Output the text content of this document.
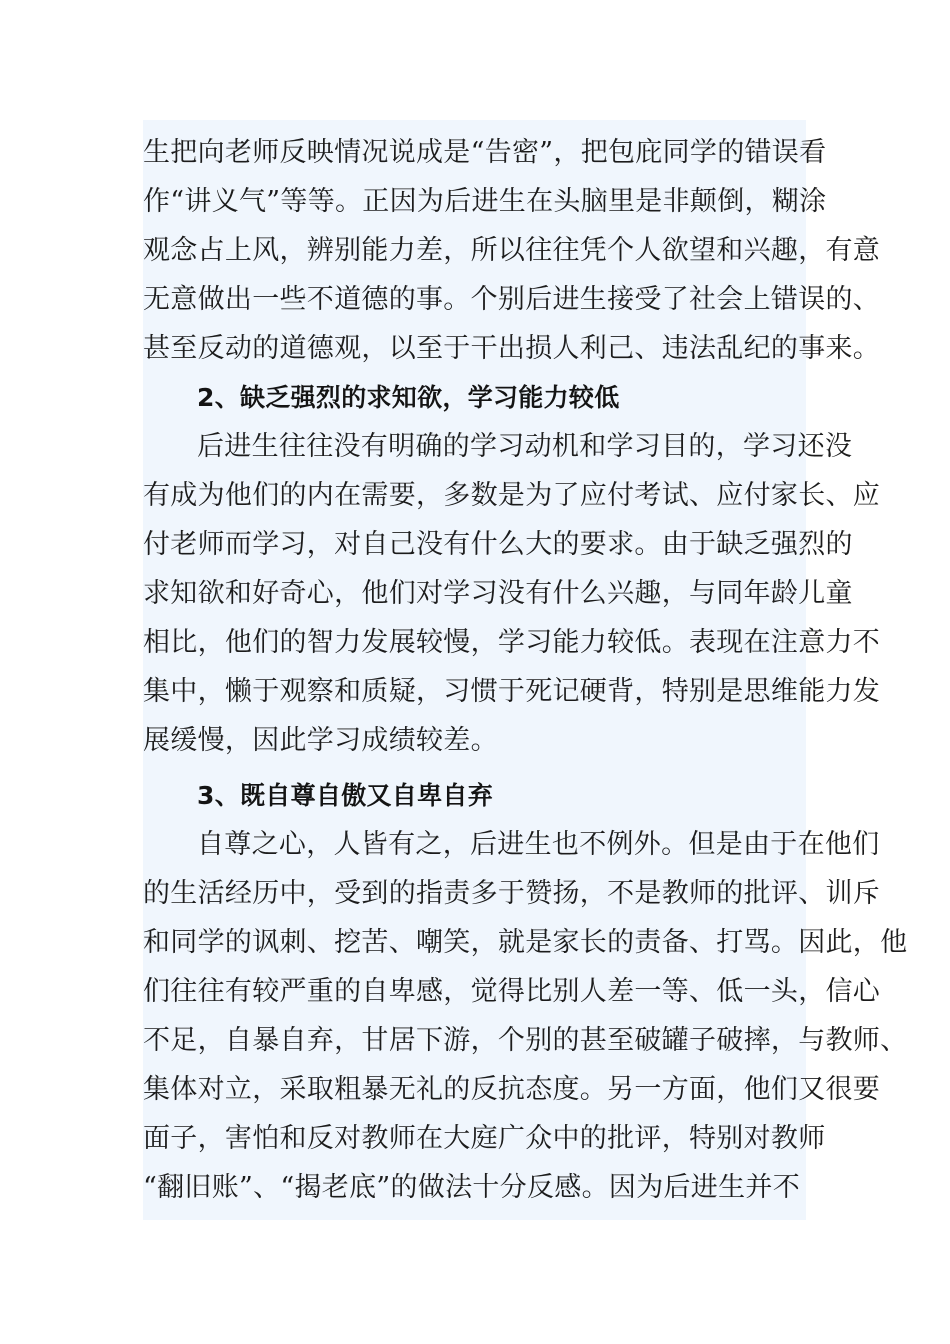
生把向老师反映情况说成是“告密”，把包庇同学的错误看
作“讲义气”等等。正因为后进生在头脑里是非颠倒，糊涂
观念占上风，辨别能力差，所以往往凭个人欲望和兴趣，有意
无意做出一些不道德的事。个别后进生接受了社会上错误的、
甚至反动的道德观，以至于干出损人利己、违法乱纪的事来。
2、缺乏强烈的求知欲，学习能力较低
后进生往往没有明确的学习动机和学习目的，学习还没
有成为他们的内在需要，多数是为了应付考试、应付家长、应
付老师而学习，对自己没有什么大的要求。由于缺乏强烈的
求知欲和好奇心，他们对学习没有什么兴趣，与同年龄儿童
相比，他们的智力发展较慢，学习能力较低。表现在注意力不
集中，懒于观察和质疑，习惯于死记硬背，特别是思维能力发
展缓慢，因此学习成绩较差。
3、既自尊自傲又自卑自弃
自尊之心，人皆有之，后进生也不例外。但是由于在他们
的生活经历中，受到的指责多于赞扬，不是教师的批评、训斥
和同学的讽刺、挖苦、嘲笑，就是家长的责备、打骂。因此，他
们往往有较严重的自卑感，觉得比别人差一等、低一头，信心
不足，自暴自弃，甘居下游，个别的甚至破罐子破摔，与教师、
集体对立，采取粗暴无礼的反抗态度。另一方面，他们又很要
面子，害怕和反对教师在大庭广众中的批评，特别对教师
“翻旧账”、“揭老底”的做法十分反感。因为后进生并不
